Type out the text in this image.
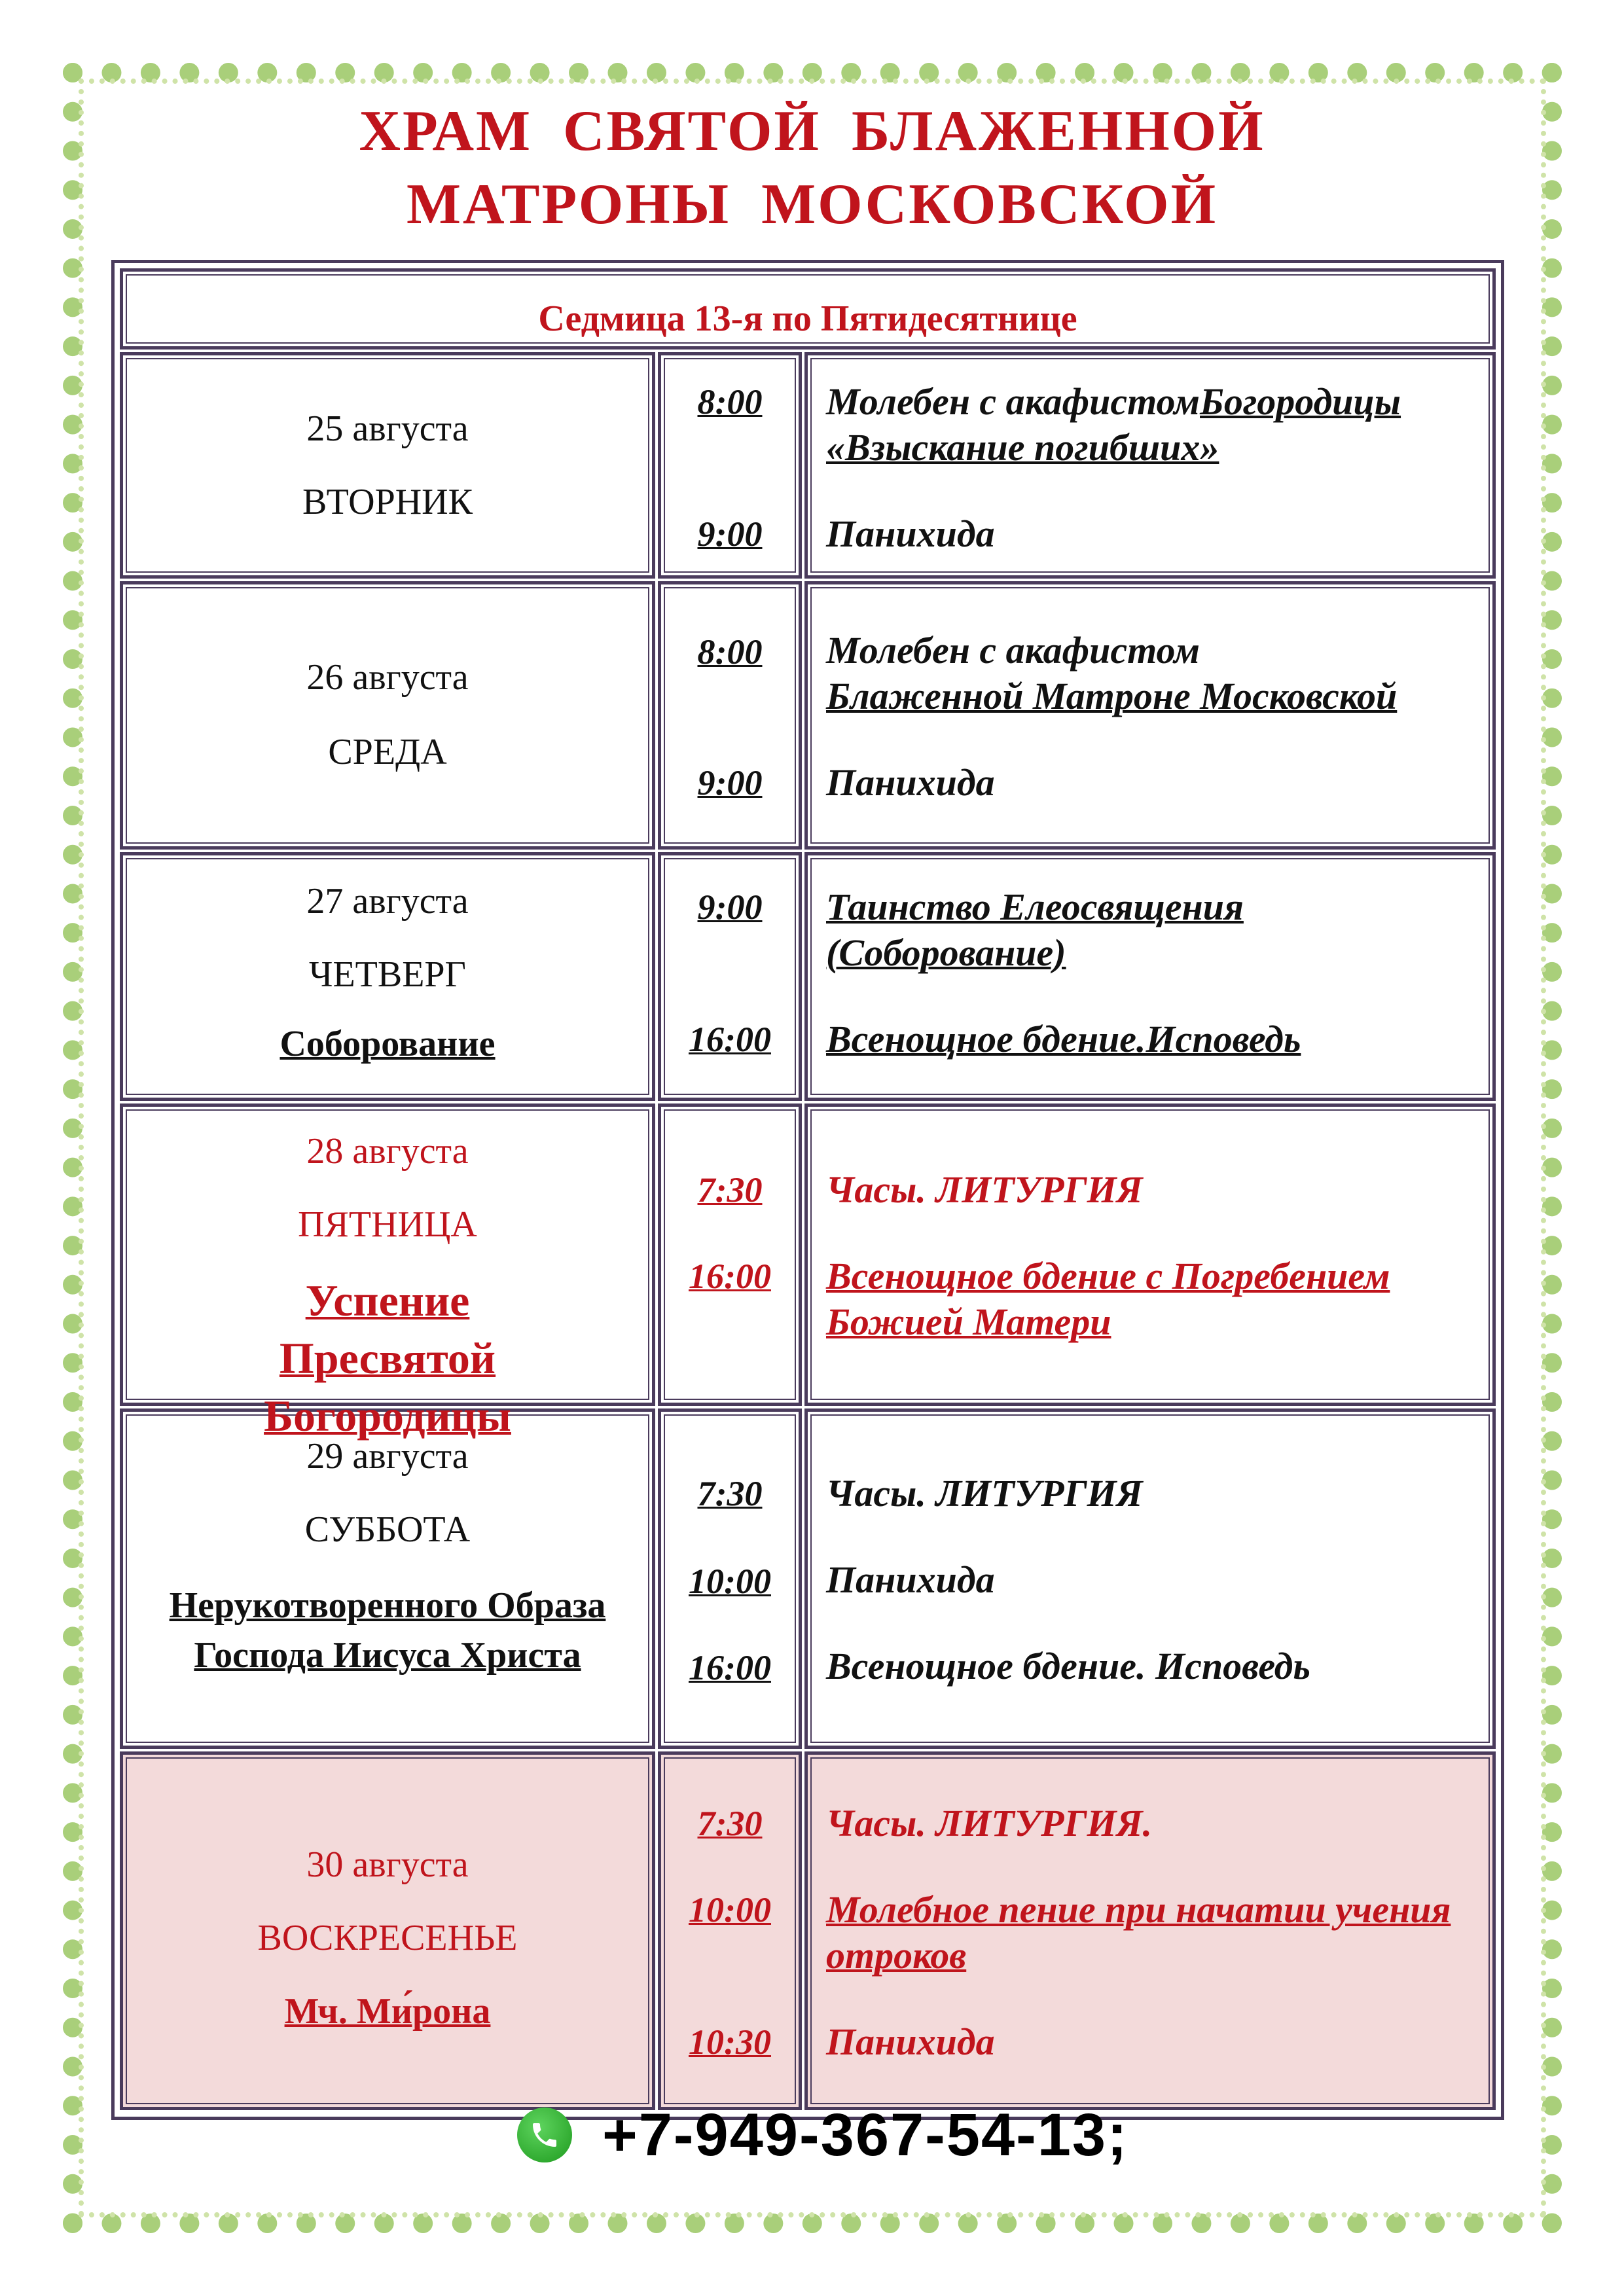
ХРАМ СВЯТОЙ БЛАЖЕННОЙ
МАТРОНЫ МОСКОВСКОЙ
Седмица 13-я по Пятидесятнице
25 августа
ВТОРНИК
8:00
9:00
Молебен с акафистомБогородицы «Взыскание погибших»
Панихида
26 августа
СРЕДА
8:00
9:00
Молебен с акафистом
Блаженной Матроне Московской
Панихида
27 августа
ЧЕТВЕРГ
Соборование
9:00
16:00
Таинство Елеосвящения (Соборование)
Всенощное бдение.Исповедь
28 августа
ПЯТНИЦА
Успение Пресвятой Богородицы
7:30
16:00
Часы. ЛИТУРГИЯ
Всенощное бдение с Погребением Божией Матери
29 августа
СУББОТА
Нерукотворенного Образа Господа Иисуса Христа
7:30
10:00
16:00
Часы. ЛИТУРГИЯ
Панихида
Всенощное бдение. Исповедь
30 августа
ВОСКРЕСЕНЬЕ
Мч. Ми́рона
7:30
10:00
10:30
Часы. ЛИТУРГИЯ.
Молебное пение при начатии учения отроков
Панихида
+7-949-367-54-13;
